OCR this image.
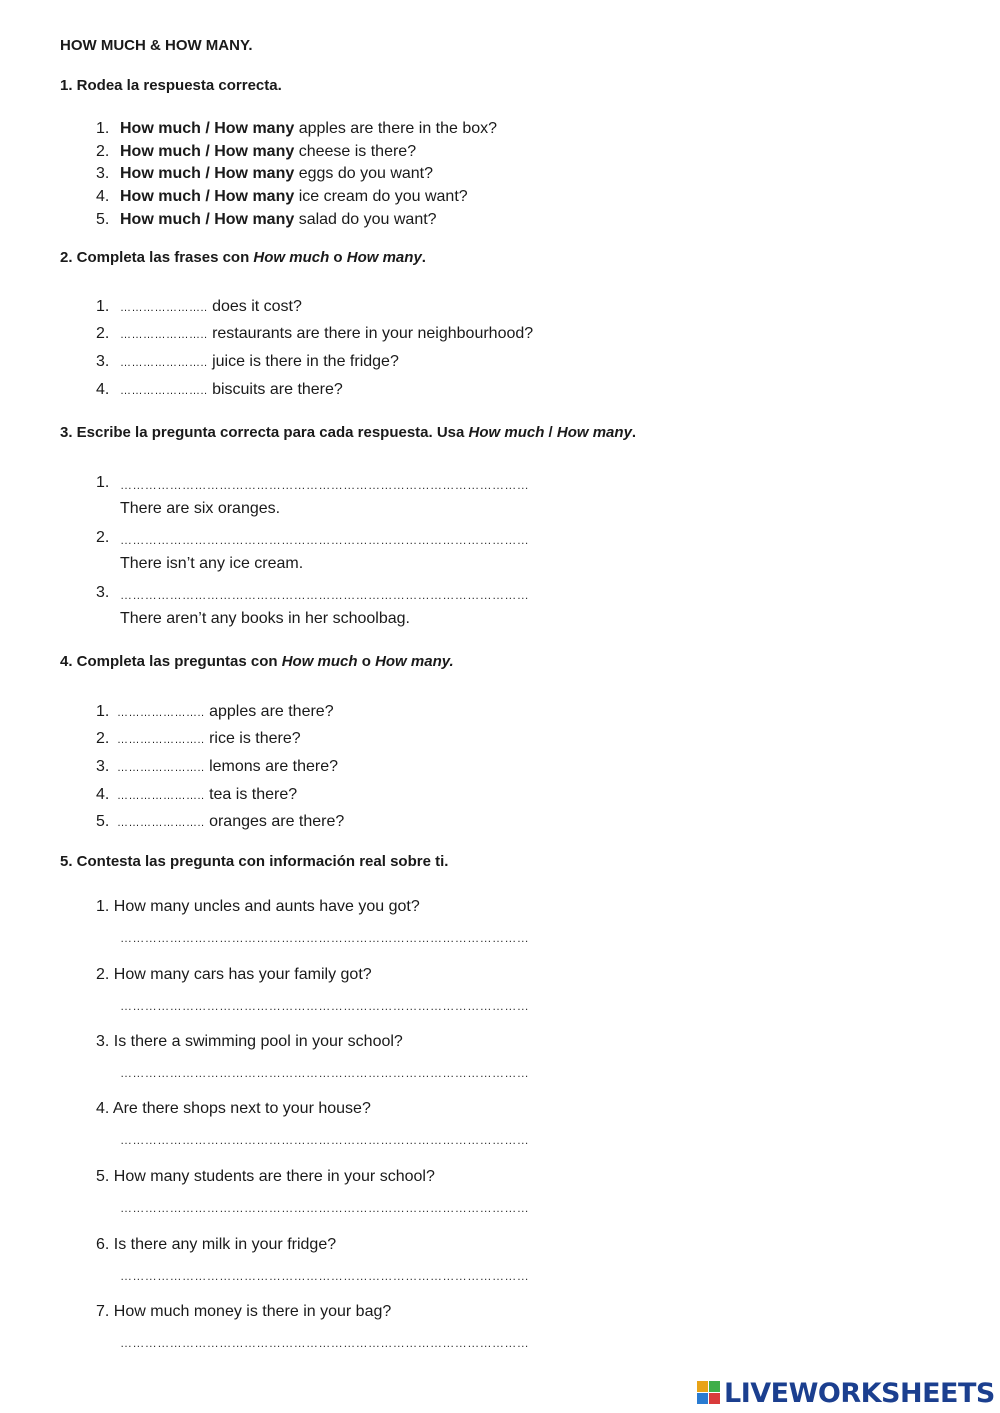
HOW MUCH & HOW MANY.
1. Rodea la respuesta correcta.
1. How much / How many apples are there in the box?
2. How much / How many cheese is there?
3. How much / How many eggs do you want?
4. How much / How many ice cream do you want?
5. How much / How many salad do you want?
2. Completa las frases con How much o How many.
1. ………………….. does it cost?
2. ………………….. restaurants are there in your neighbourhood?
3. ………………….. juice is there in the fridge?
4. ………………….. biscuits are there?
3. Escribe la pregunta correcta para cada respuesta. Usa How much / How many.
1. ………………………………………………………………………………………
There are six oranges.
2. ………………………………………………………………………………………
There isn’t any ice cream.
3. ………………………………………………………………………………………
There aren’t any books in her schoolbag.
4. Completa las preguntas con How much o How many.
1. ………………….. apples are there?
2. ………………….. rice is there?
3. ………………….. lemons are there?
4. ………………….. tea is there?
5. ………………….. oranges are there?
5. Contesta las pregunta con información real sobre ti.
1. How many uncles and aunts have you got?
………………………………………………………………………………………
2. How many cars has your family got?
………………………………………………………………………………………
3. Is there a swimming pool in your school?
………………………………………………………………………………………
4. Are there shops next to your house?
………………………………………………………………………………………
5. How many students are there in your school?
………………………………………………………………………………………
6. Is there any milk in your fridge?
………………………………………………………………………………………
7. How much money is there in your bag?
………………………………………………………………………………………
LIVEWORKSHEETS
